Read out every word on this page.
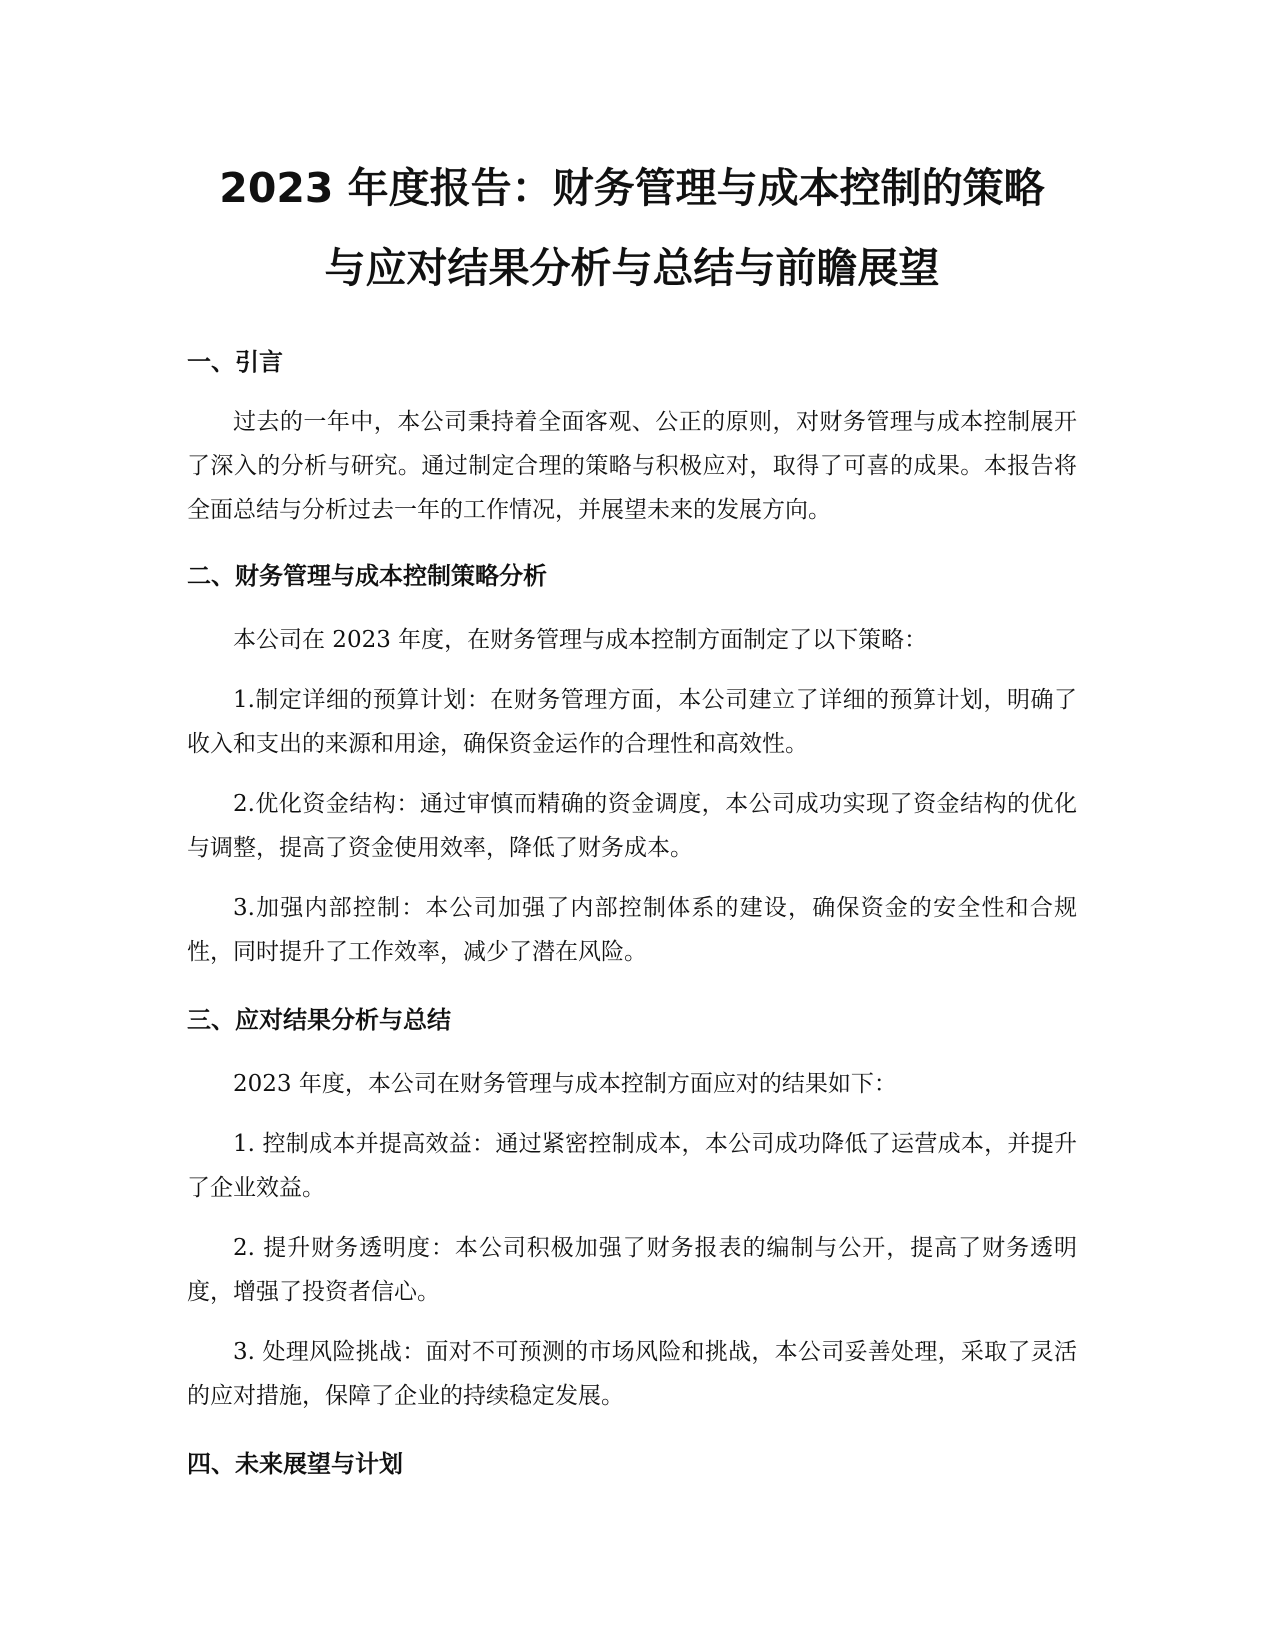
2023 年度报告：财务管理与成本控制的策略
与应对结果分析与总结与前瞻展望
一、引言

过去的一年中，本公司秉持着全面客观、公正的原则，对财务管理与成本控制展开了深入的分析与研究。通过制定合理的策略与积极应对，取得了可喜的成果。本报告将全面总结与分析过去一年的工作情况，并展望未来的发展方向。

二、财务管理与成本控制策略分析

本公司在 2023 年度，在财务管理与成本控制方面制定了以下策略：

1.制定详细的预算计划：在财务管理方面，本公司建立了详细的预算计划，明确了收入和支出的来源和用途，确保资金运作的合理性和高效性。

2.优化资金结构：通过审慎而精确的资金调度，本公司成功实现了资金结构的优化与调整，提高了资金使用效率，降低了财务成本。

3.加强内部控制：本公司加强了内部控制体系的建设，确保资金的安全性和合规性，同时提升了工作效率，减少了潜在风险。

三、应对结果分析与总结

2023 年度，本公司在财务管理与成本控制方面应对的结果如下：

1. 控制成本并提高效益：通过紧密控制成本，本公司成功降低了运营成本，并提升了企业效益。

2. 提升财务透明度：本公司积极加强了财务报表的编制与公开，提高了财务透明度，增强了投资者信心。

3. 处理风险挑战：面对不可预测的市场风险和挑战，本公司妥善处理，采取了灵活的应对措施，保障了企业的持续稳定发展。

四、未来展望与计划
